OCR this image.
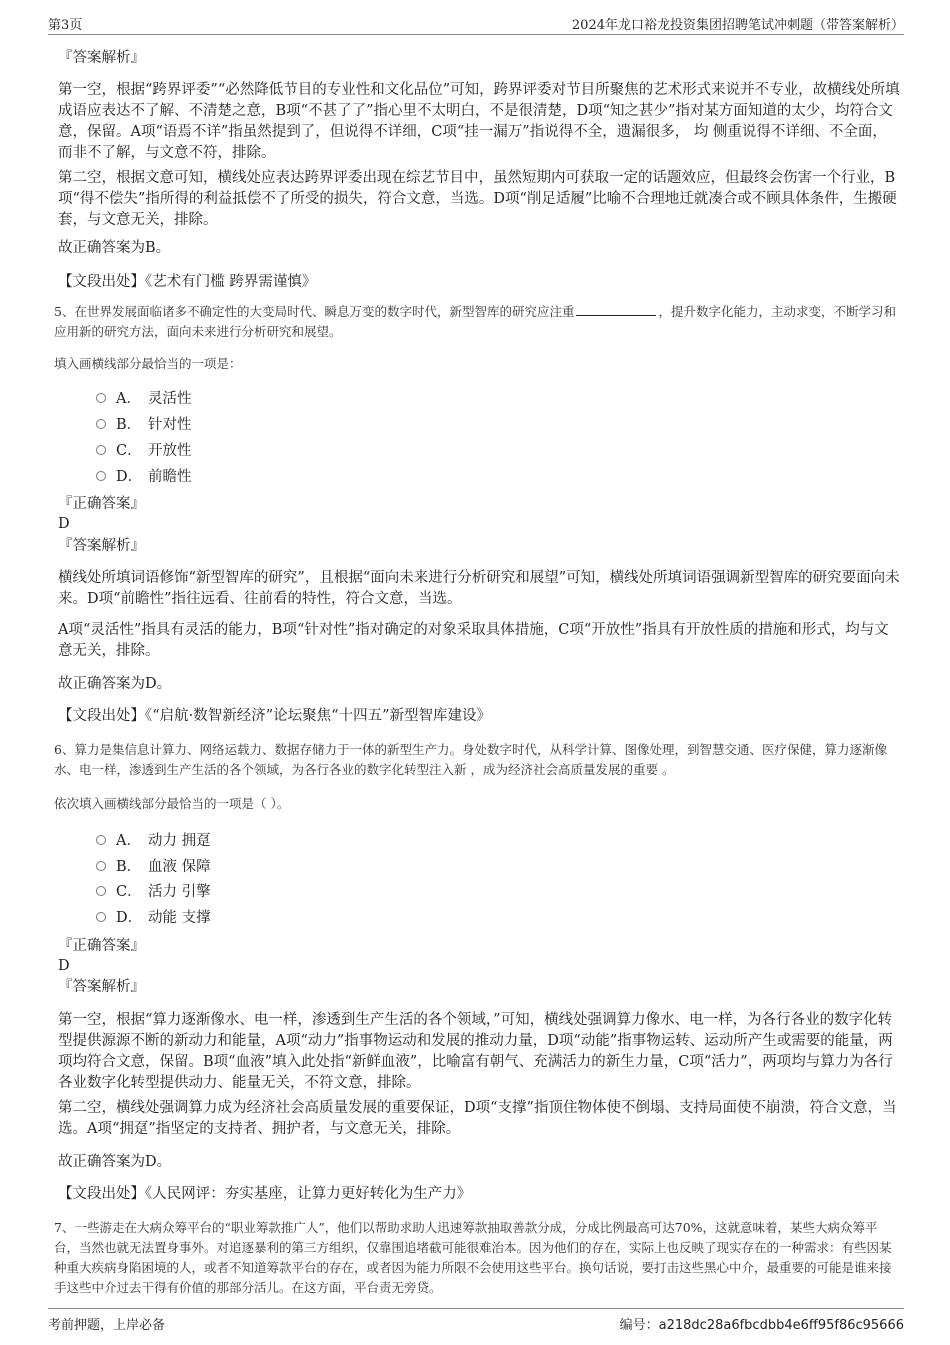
第3页	2024年龙口裕龙投资集团招聘笔试冲刺题（带答案解析）
『答案解析』

第一空，根据“跨界评委”“必然降低节目的专业性和文化品位”可知，跨界评委对节目所聚焦的艺术形式来说并不专业，故横线处所填成语应表达不了解、不清楚之意，B项“不甚了了”指心里不太明白，不是很清楚，D项“知之甚少”指对某方面知道的太少，均符合文意，保留。A项“语焉不详”指虽然提到了，但说得不详细，C项“挂一漏万”指说得不全，遗漏很多， 均 侧重说得不详细、不全面，而非不了解，与文意不符，排除。

第二空，根据文意可知，横线处应表达跨界评委出现在综艺节目中，虽然短期内可获取一定的话题效应，但最终会伤害一个行业，B项“得不偿失”指所得的利益抵偿不了所受的损失，符合文意，当选。D项“削足适履”比喻不合理地迁就凑合或不顾具体条件，生搬硬套，与文意无关，排除。

故正确答案为B。

【文段出处】《艺术有门槛 跨界需谨慎》

5、在世界发展面临诸多不确定性的大变局时代、瞬息万变的数字时代，新型智库的研究应注重	，提升数字化能力，主动求变，不断学习和应用新的研究方法，面向未来进行分析研究和展望。

填入画横线部分最恰当的一项是：

A． 灵活性
B． 针对性
C． 开放性
D． 前瞻性
『正确答案』
D
『答案解析』

横线处所填词语修饰“新型智库的研究”，且根据“面向未来进行分析研究和展望”可知，横线处所填词语强调新型智库的研究要面向未来。D项“前瞻性”指往远看、往前看的特性，符合文意，当选。

A项“灵活性”指具有灵活的能力，B项“针对性”指对确定的对象采取具体措施，C项“开放性”指具有开放性质的措施和形式，均与文意无关，排除。

故正确答案为D。

【文段出处】《“启航·数智新经济”论坛聚焦“十四五”新型智库建设》

6、算力是集信息计算力、网络运载力、数据存储力于一体的新型生产力。身处数字时代，从科学计算、图像处理，到智慧交通、医疗保健，算力逐渐像水、电一样，渗透到生产生活的各个领域，为各行各业的数字化转型注入新 ，成为经济社会高质量发展的重要 。

依次填入画横线部分最恰当的一项是（ ）。

A． 动力 拥趸
B． 血液 保障
C． 活力 引擎
D． 动能 支撑
『正确答案』
D
『答案解析』

第一空，根据“算力逐渐像水、电一样，渗透到生产生活的各个领域，”可知，横线处强调算力像水、电一样，为各行各业的数字化转型提供源源不断的新动力和能量，A项“动力”指事物运动和发展的推动力量，D项“动能”指事物运转、运动所产生或需要的能量，两项均符合文意，保留。B项“血液”填入此处指“新鲜血液”，比喻富有朝气、充满活力的新生力量，C项“活力”，两项均与算力为各行各业数字化转型提供动力、能量无关，不符文意，排除。

第二空，横线处强调算力成为经济社会高质量发展的重要保证，D项“支撑”指顶住物体使不倒塌、支持局面使不崩溃，符合文意，当选。A项“拥趸”指坚定的支持者、拥护者，与文意无关，排除。

故正确答案为D。

【文段出处】《人民网评：夯实基座，让算力更好转化为生产力》

7、一些游走在大病众筹平台的“职业筹款推广人”，他们以帮助求助人迅速筹款抽取善款分成，分成比例最高可达70%，这就意味着，某些大病众筹平台，当然也就无法置身事外。对追逐暴利的第三方组织，仅靠围追堵截可能很难治本。因为他们的存在，实际上也反映了现实存在的一种需求：有些因某种重大疾病身陷困境的人，或者不知道筹款平台的存在，或者因为能力所限不会使用这些平台。换句话说，要打击这些黑心中介，最重要的可能是谁来接手这些中介过去干得有价值的那部分活儿。在这方面，平台责无旁贷。

考前押题，上岸必备	编号：a218dc28a6fbcdbb4e6ff95f86c95666
